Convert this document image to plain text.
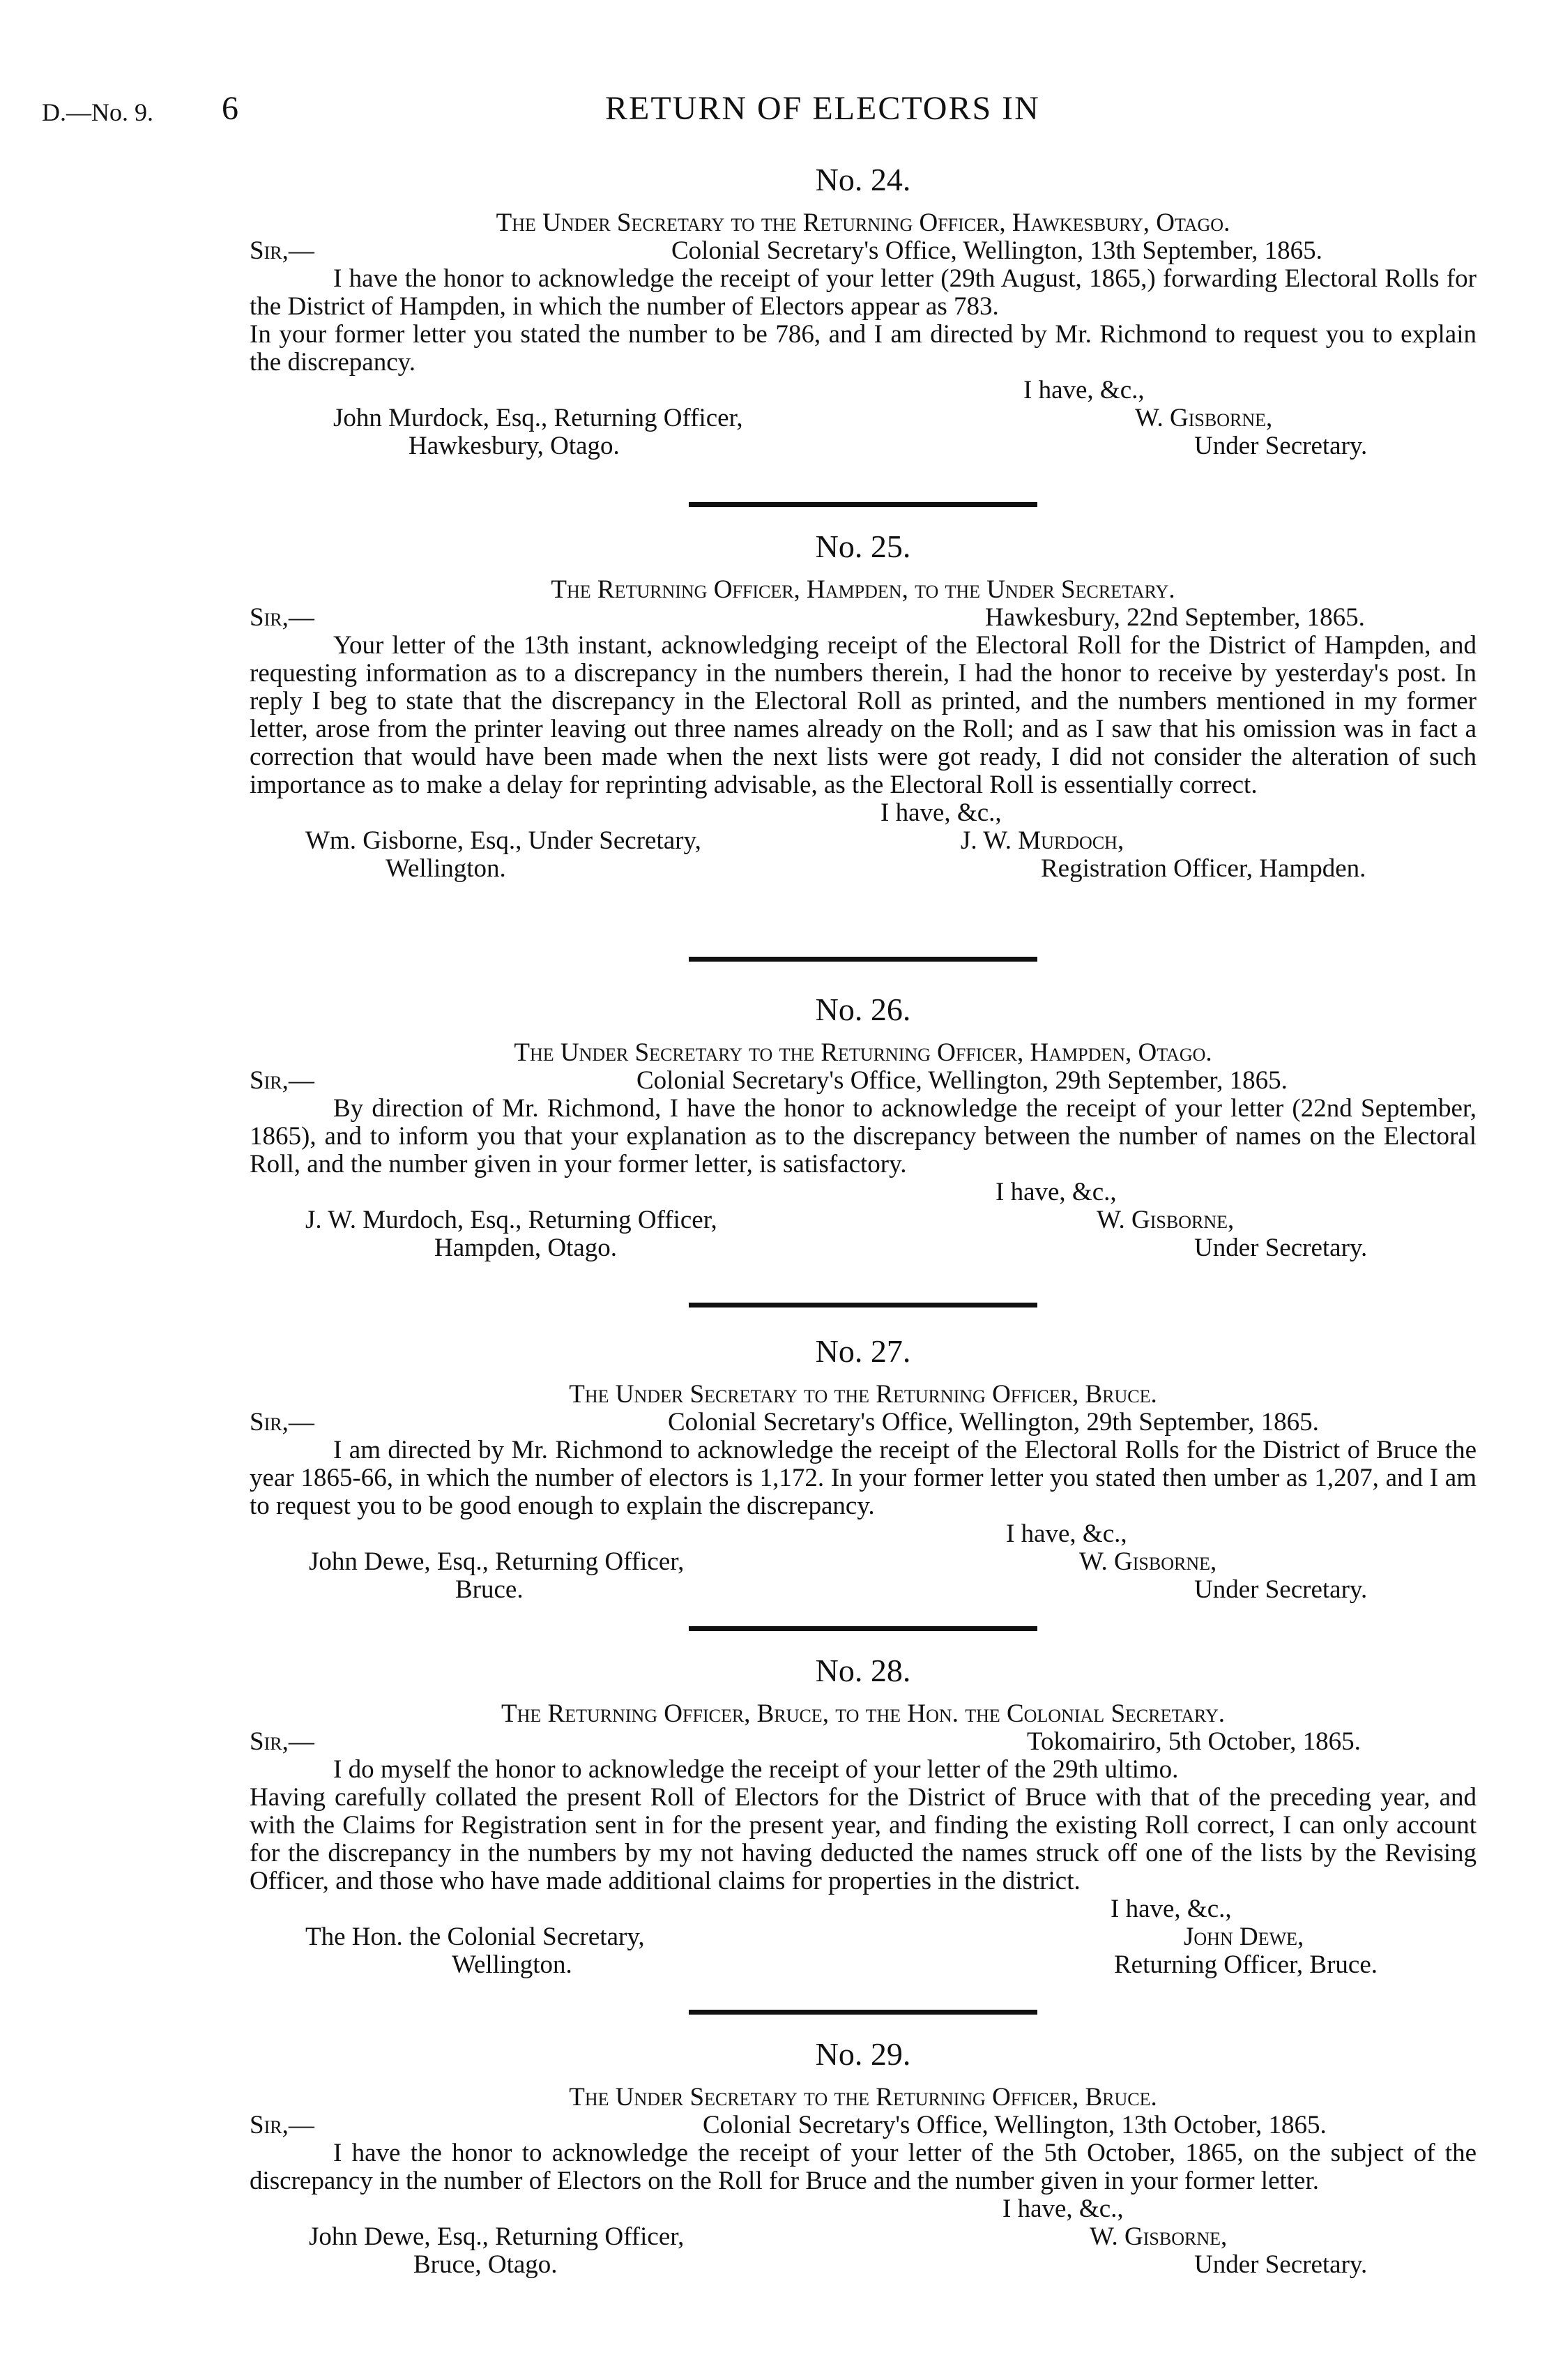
D.—No. 9. 6	RETURN OF ELECTORS IN
No. 24.
The Under Secretary to the Returning Officer, Hawkesbury, Otago.
Sir,—	Colonial Secretary's Office, Wellington, 13th September, 1865.

I have the honor to acknowledge the receipt of your letter (29th August, 1865,) forwarding Electoral Rolls for the District of Hampden, in which the number of Electors appear as 783.

In your former letter you stated the number to be 786, and I am directed by Mr. Richmond to request you to explain the discrepancy.

I have, &c.,
John Murdock, Esq., Returning Officer,
Hawkesbury, Otago.
W. Gisborne,
Under Secretary.
No. 25.
The Returning Officer, Hampden, to the Under Secretary.
Sir,—	Hawkesbury, 22nd September, 1865.

Your letter of the 13th instant, acknowledging receipt of the Electoral Roll for the District of Hampden, and requesting information as to a discrepancy in the numbers therein, I had the honor to receive by yesterday's post. In reply I beg to state that the discrepancy in the Electoral Roll as printed, and the numbers mentioned in my former letter, arose from the printer leaving out three names already on the Roll; and as I saw that his omission was in fact a correction that would have been made when the next lists were got ready, I did not consider the alteration of such importance as to make a delay for reprinting advisable, as the Electoral Roll is essentially correct.

I have, &c.,
Wm. Gisborne, Esq., Under Secretary,
Wellington.
J. W. Murdoch,
Registration Officer, Hampden.
No. 26.
The Under Secretary to the Returning Officer, Hampden, Otago.
Sir,—	Colonial Secretary's Office, Wellington, 29th September, 1865.

By direction of Mr. Richmond, I have the honor to acknowledge the receipt of your letter (22nd September, 1865), and to inform you that your explanation as to the discrepancy between the number of names on the Electoral Roll, and the number given in your former letter, is satisfactory.

I have, &c.,
J. W. Murdoch, Esq., Returning Officer,
Hampden, Otago.
W. Gisborne,
Under Secretary.
No. 27.
The Under Secretary to the Returning Officer, Bruce.
Sir,—	Colonial Secretary's Office, Wellington, 29th September, 1865.

I am directed by Mr. Richmond to acknowledge the receipt of the Electoral Rolls for the District of Bruce the year 1865-66, in which the number of electors is 1,172. In your former letter you stated then umber as 1,207, and I am to request you to be good enough to explain the discrepancy.

I have, &c.,
John Dewe, Esq., Returning Officer,
Bruce.
W. Gisborne,
Under Secretary.
No. 28.
The Returning Officer, Bruce, to the Hon. the Colonial Secretary.
Sir,—	Tokomairiro, 5th October, 1865.

I do myself the honor to acknowledge the receipt of your letter of the 29th ultimo.

Having carefully collated the present Roll of Electors for the District of Bruce with that of the preceding year, and with the Claims for Registration sent in for the present year, and finding the existing Roll correct, I can only account for the discrepancy in the numbers by my not having deducted the names struck off one of the lists by the Revising Officer, and those who have made additional claims for properties in the district.

I have, &c.,
The Hon. the Colonial Secretary,
Wellington.
John Dewe,
Returning Officer, Bruce.
No. 29.
The Under Secretary to the Returning Officer, Bruce.
Sir,—	Colonial Secretary's Office, Wellington, 13th October, 1865.

I have the honor to acknowledge the receipt of your letter of the 5th October, 1865, on the subject of the discrepancy in the number of Electors on the Roll for Bruce and the number given in your former letter.

I have, &c.,
John Dewe, Esq., Returning Officer,
Bruce, Otago.
W. Gisborne,
Under Secretary.
